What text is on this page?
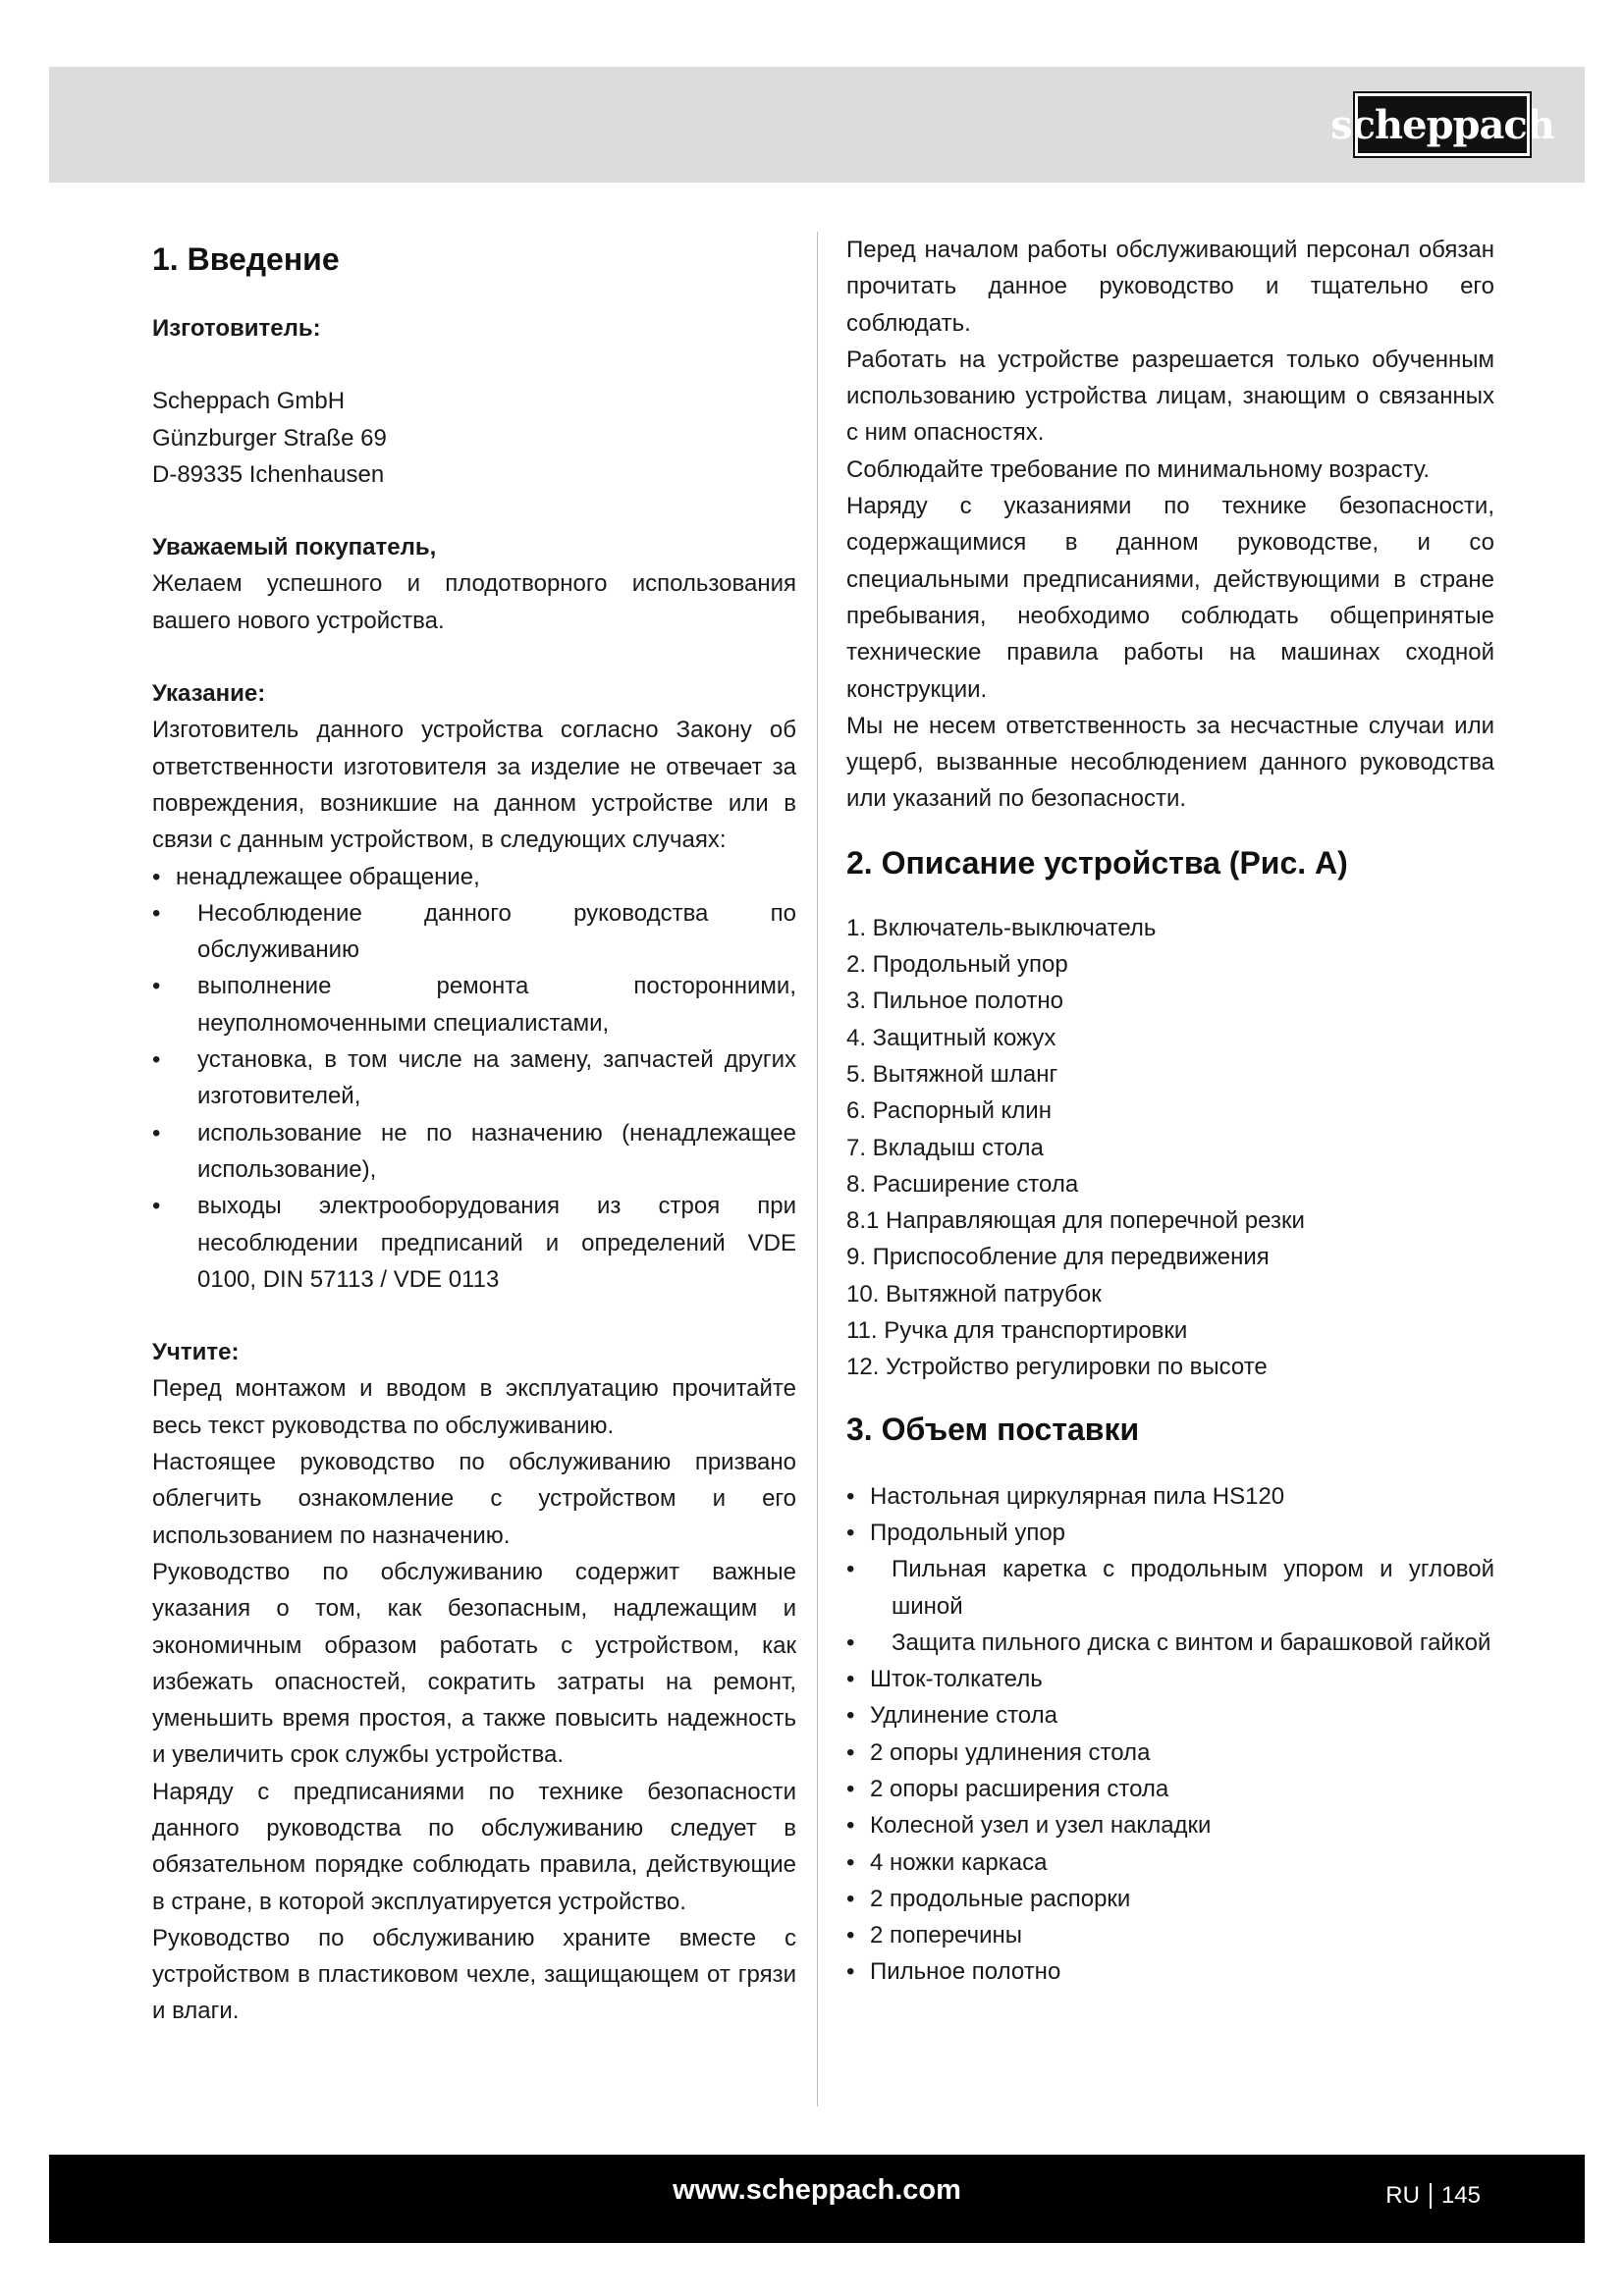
scheppach
1. Введение
Изготовитель:

Scheppach GmbH

Günzburger Straße 69

D-89335 Ichenhausen

Уважаемый покупатель,

Желаем успешного и плодотворного использования вашего нового устройства.

Указание:

Изготовитель данного устройства согласно Закону об ответственности изготовителя за изделие не отвечает за повреждения, возникшие на данном устройстве или в связи с данным устройством, в следующих случаях:

• ненадлежащее обращение,
• Несоблюдение данного руководства по обслуживанию
• выполнение ремонта посторонними, неуполномоченными специалистами,
• установка, в том числе на замену, запчастей других изготовителей,
• использование не по назначению (ненадлежащее использование),
• выходы электрооборудования из строя при несоблюдении предписаний и определений VDE 0100, DIN 57113 / VDE 0113
Учтите:

Перед монтажом и вводом в эксплуатацию прочитайте весь текст руководства по обслуживанию.

Настоящее руководство по обслуживанию призвано облегчить ознакомление с устройством и его использованием по назначению.

Руководство по обслуживанию содержит важные указания о том, как безопасным, надлежащим и экономичным образом работать с устройством, как избежать опасностей, сократить затраты на ремонт, уменьшить время простоя, а также повысить надежность и увеличить срок службы устройства.

Наряду с предписаниями по технике безопасности данного руководства по обслуживанию следует в обязательном порядке соблюдать правила, действующие в стране, в которой эксплуатируется устройство.

Руководство по обслуживанию храните вместе с устройством в пластиковом чехле, защищающем от грязи и влаги.

Перед началом работы обслуживающий персонал обязан прочитать данное руководство и тщательно его соблюдать.

Работать на устройстве разрешается только обученным использованию устройства лицам, знающим о связанных с ним опасностях.

Соблюдайте требование по минимальному возрасту.

Наряду с указаниями по технике безопасности, содержащимися в данном руководстве, и со специальными предписаниями, действующими в стране пребывания, необходимо соблюдать общепринятые технические правила работы на машинах сходной конструкции.

Мы не несем ответственность за несчастные случаи или ущерб, вызванные несоблюдением данного руководства или указаний по безопасности.

2. Описание устройства (Рис. А)
1. Включатель-выключатель
2. Продольный упор
3. Пильное полотно
4. Защитный кожух
5. Вытяжной шланг
6. Распорный клин
7. Вкладыш стола
8. Расширение стола
8.1 Направляющая для поперечной резки
9. Приспособление для передвижения
10. Вытяжной патрубок
11. Ручка для транспортировки
12. Устройство регулировки по высоте
3. Объем поставки
• Настольная циркулярная пила HS120
• Продольный упор
• Пильная каретка с продольным упором и угловой шиной
• Защита пильного диска с винтом и барашковой гайкой
• Шток-толкатель
• Удлинение стола
• 2 опоры удлинения стола
• 2 опоры расширения стола
• Колесной узел и узел накладки
• 4 ножки каркаса
• 2 продольные распорки
• 2 поперечины
• Пильное полотно
www.scheppach.com	RU 145
